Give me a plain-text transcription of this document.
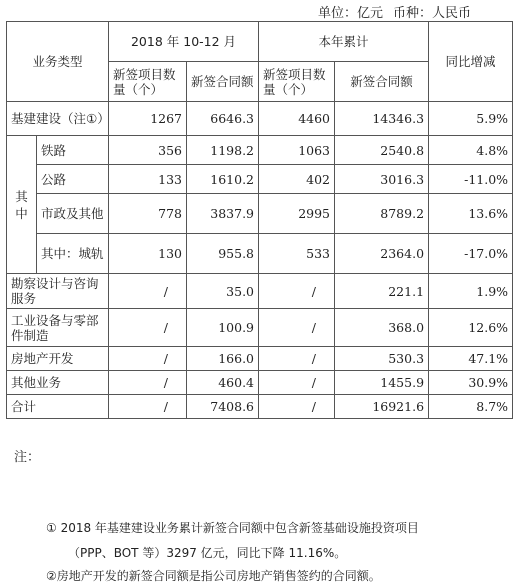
单位：亿元 币种：人民币
业务类型		2018 年 10-12 月		本年累计		同比增减
		新签项目数量（个）	新签合同额	新签项目数量（个）	新签合同额	
基建建设（注①）		1267	6646.3	4460	14346.3	5.9%
其中	铁路	356	1198.2	1063	2540.8	4.8%
	公路	133	1610.2	402	3016.3	-11.0%
	市政及其他	778	3837.9	2995	8789.2	13.6%
	其中：城轨	130	955.8	533	2364.0	-17.0%
勘察设计与咨询服务		/	35.0	/	221.1	1.9%
工业设备与零部件制造		/	100.9	/	368.0	12.6%
房地产开发		/	166.0	/	530.3	47.1%
其他业务		/	460.4	/	1455.9	30.9%
合计		/	7408.6	/	16921.6	8.7%
注：
① 2018 年基建建设业务累计新签合同额中包含新签基础设施投资项目
（PPP、BOT 等）3297 亿元，同比下降 11.16%。
②房地产开发的新签合同额是指公司房地产销售签约的合同额。
